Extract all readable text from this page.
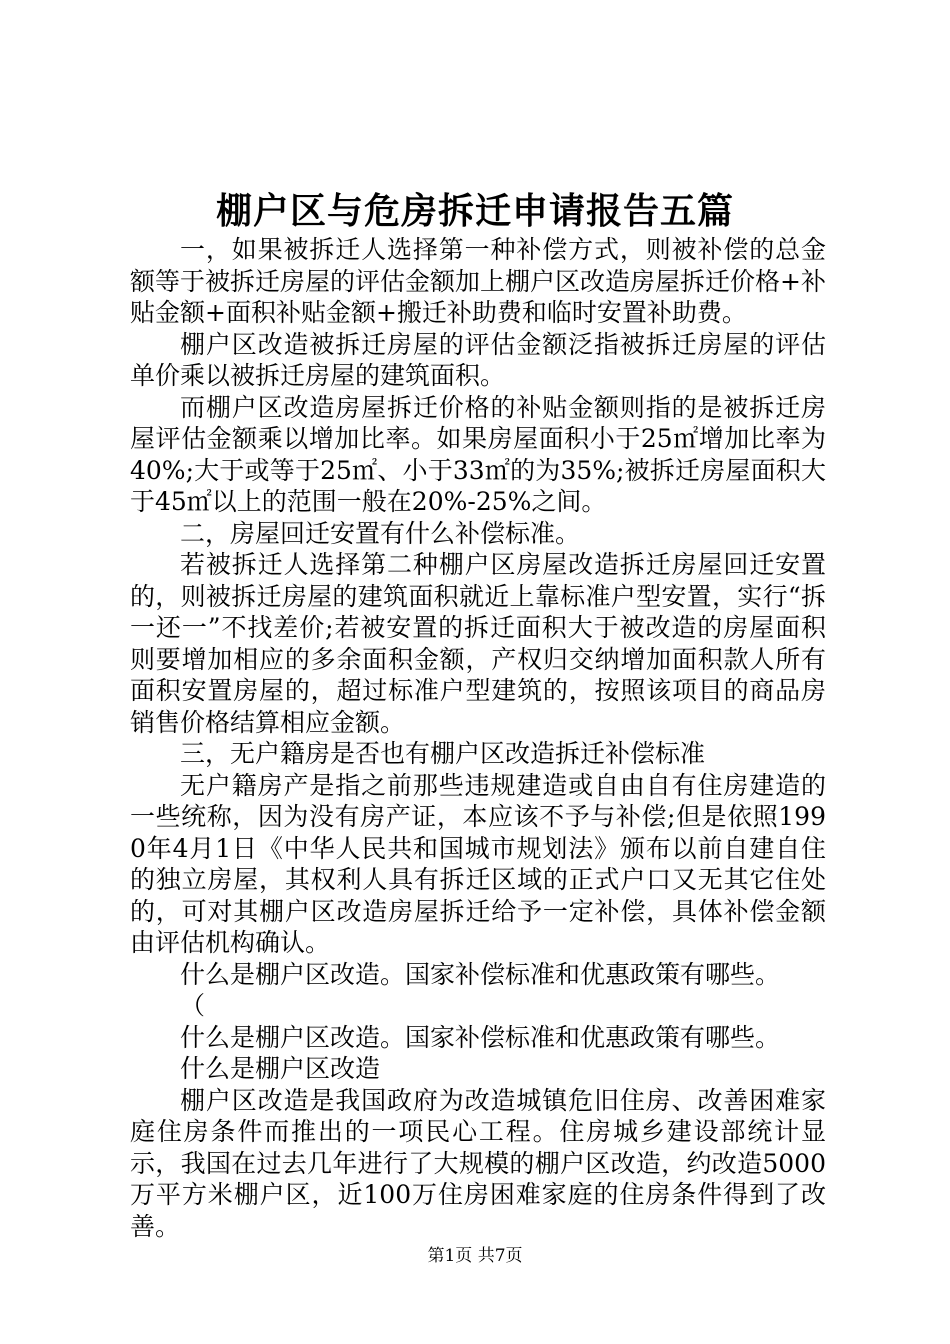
棚户区与危房拆迁申请报告五篇

一，如果被拆迁人选择第一种补偿方式，则被补偿的总金额等于被拆迁房屋的评估金额加上棚户区改造房屋拆迁价格+补贴金额+面积补贴金额+搬迁补助费和临时安置补助费。

棚户区改造被拆迁房屋的评估金额泛指被拆迁房屋的评估单价乘以被拆迁房屋的建筑面积。

而棚户区改造房屋拆迁价格的补贴金额则指的是被拆迁房屋评估金额乘以增加比率。如果房屋面积小于25㎡增加比率为40%;大于或等于25㎡、小于33㎡的为35%;被拆迁房屋面积大于45㎡以上的范围一般在20%-25%之间。

二，房屋回迁安置有什么补偿标准。

若被拆迁人选择第二种棚户区房屋改造拆迁房屋回迁安置的，则被拆迁房屋的建筑面积就近上靠标准户型安置，实行“拆一还一”不找差价;若被安置的拆迁面积大于被改造的房屋面积则要增加相应的多余面积金额，产权归交纳增加面积款人所有面积安置房屋的，超过标准户型建筑的，按照该项目的商品房销售价格结算相应金额。

三，无户籍房是否也有棚户区改造拆迁补偿标准

无户籍房产是指之前那些违规建造或自由自有住房建造的一些统称，因为没有房产证，本应该不予与补偿;但是依照1990年4月1日《中华人民共和国城市规划法》颁布以前自建自住的独立房屋，其权利人具有拆迁区域的正式户口又无其它住处的，可对其棚户区改造房屋拆迁给予一定补偿，具体补偿金额由评估机构确认。

什么是棚户区改造。国家补偿标准和优惠政策有哪些。

（

什么是棚户区改造。国家补偿标准和优惠政策有哪些。

什么是棚户区改造

棚户区改造是我国政府为改造城镇危旧住房、改善困难家庭住房条件而推出的一项民心工程。住房城乡建设部统计显示，我国在过去几年进行了大规模的棚户区改造，约改造5000万平方米棚户区，近100万住房困难家庭的住房条件得到了改善。

第1页 共7页
